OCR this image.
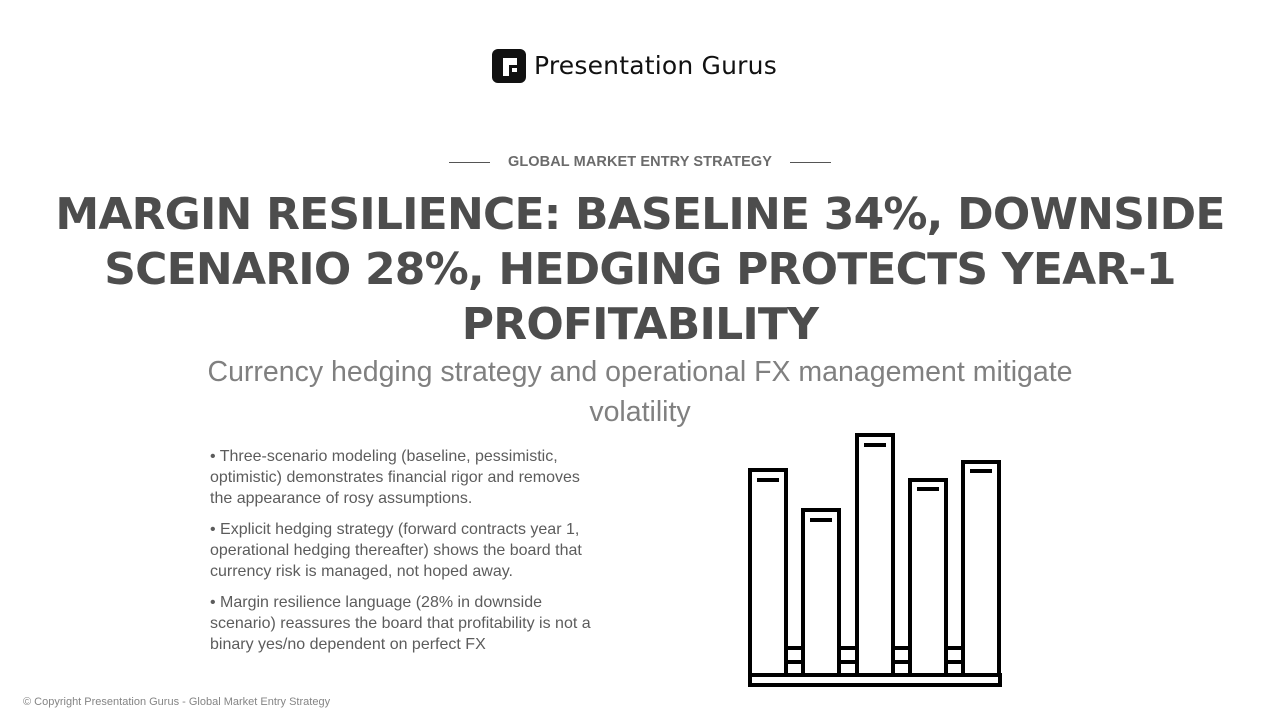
Presentation Gurus
GLOBAL MARKET ENTRY STRATEGY
MARGIN RESILIENCE: BASELINE 34%, DOWNSIDE SCENARIO 28%, HEDGING PROTECTS YEAR-1 PROFITABILITY

Currency hedging strategy and operational FX management mitigate volatility

• Three-scenario modeling (baseline, pessimistic, optimistic) demonstrates financial rigor and removes the appearance of rosy assumptions.
• Explicit hedging strategy (forward contracts year 1, operational hedging thereafter) shows the board that currency risk is managed, not hoped away.
• Margin resilience language (28% in downside scenario) reassures the board that profitability is not a binary yes/no dependent on perfect FX
© Copyright Presentation Gurus - Global Market Entry Strategy
